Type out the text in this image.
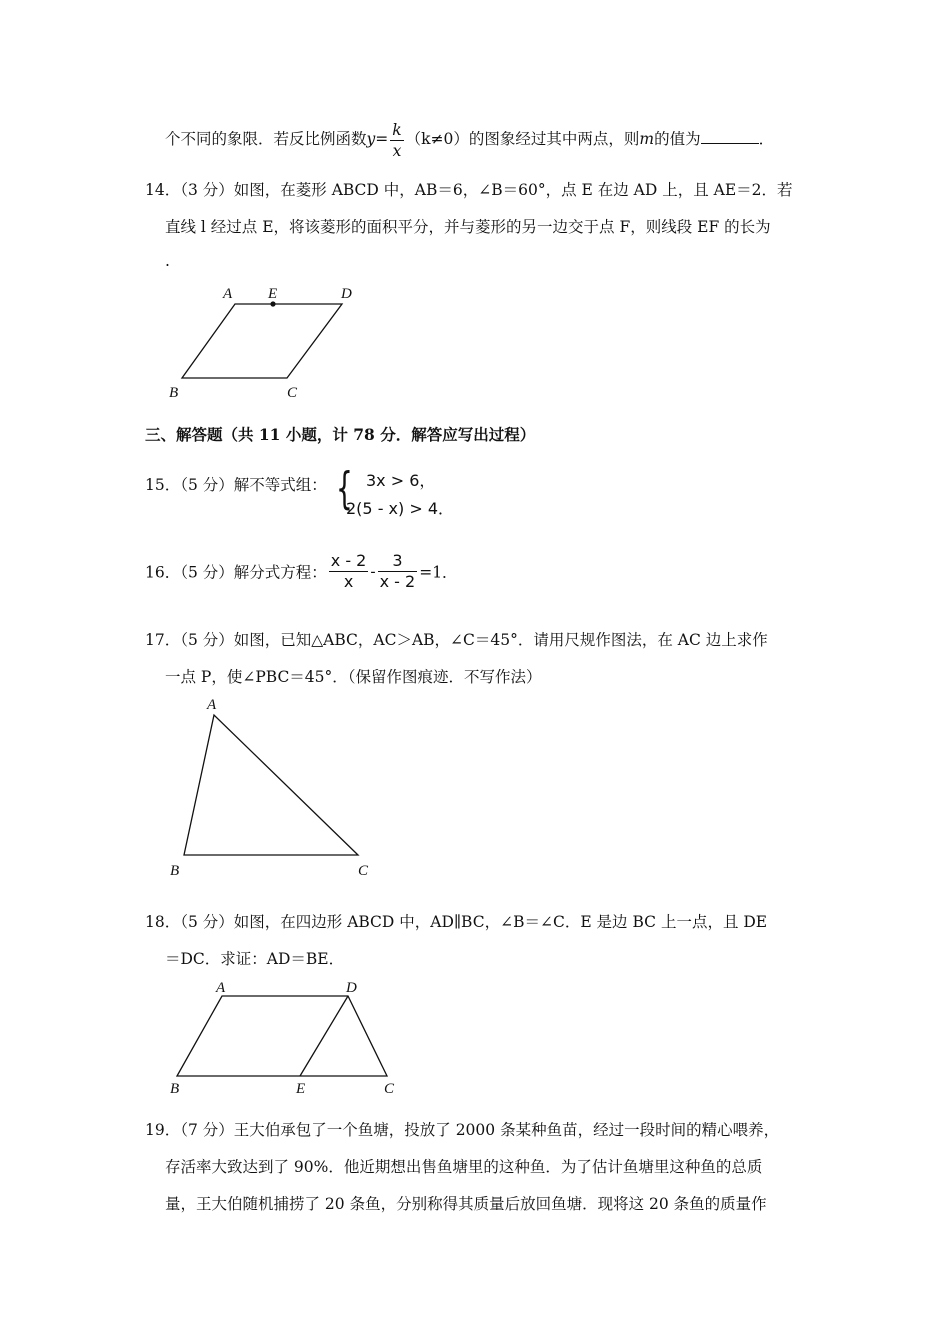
个不同的象限．若反比例函数$y= \frac{k}{x} (k\ne 0)$的图象经过其中两点，则m的值为	．
14．（3 分）如图，在菱形 ABCD 中，AB＝6，∠B＝60°，点 E 在边 AD 上，且 AE＝2．若
直线 l 经过点 E，将该菱形的面积平分，并与菱形的另一边交于点 F，则线段 EF 的长为
.
A E	D
B	C
三、解答题（共 11 小题，计 78 分．解答应写出过程）
15．（5 分）解不等式组： { 3x > 6，
2(5 - x) > 4．
16．（5 分）解分式方程： $\frac{x - 2}{x} - \frac{3}{x - 2} =1$．
17．（5 分）如图，已知△ABC，AC＞AB，∠C＝45°．请用尺规作图法，在 AC 边上求作
一点 P，使∠PBC＝45°．（保留作图痕迹．不写作法）
A
B	C
18．（5 分）如图，在四边形 ABCD 中，AD∥BC，∠B＝∠C．E 是边 BC 上一点，且 DE
＝DC．求证：AD＝BE．
A	D
B	E	C
19．（7 分）王大伯承包了一个鱼塘，投放了 2000 条某种鱼苗，经过一段时间的精心喂养，
存活率大致达到了 90%．他近期想出售鱼塘里的这种鱼．为了估计鱼塘里这种鱼的总质
量，王大伯随机捕捞了 20 条鱼，分别称得其质量后放回鱼塘．现将这 20 条鱼的质量作
